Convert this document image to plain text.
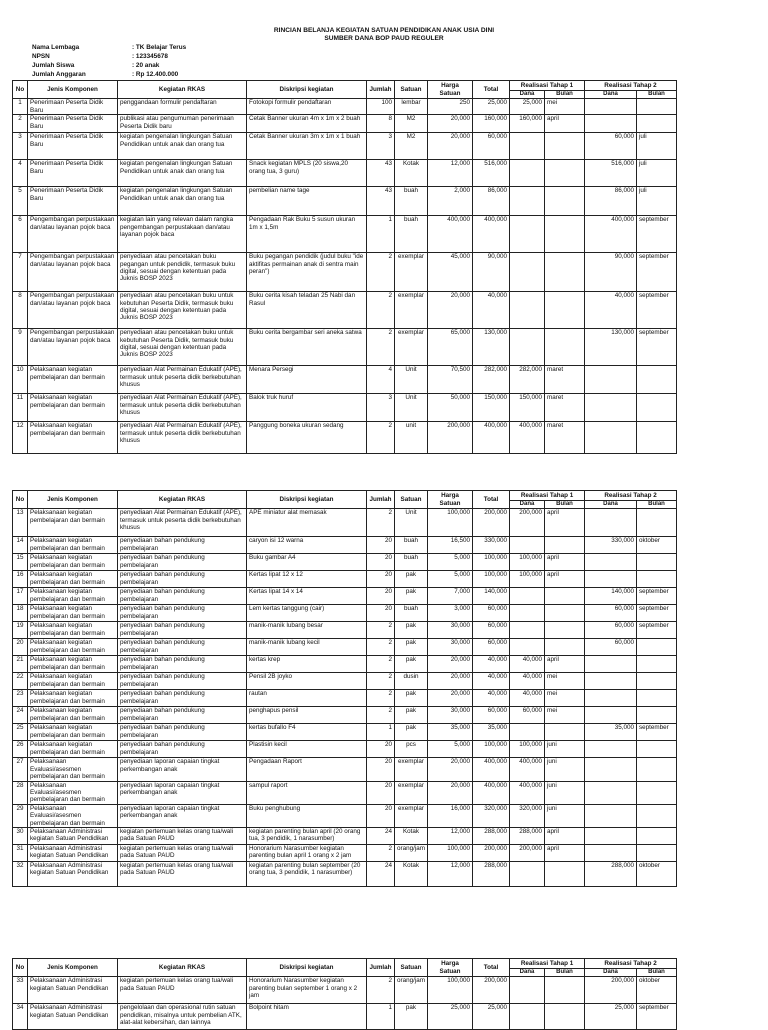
RINCIAN BELANJA KEGIATAN SATUAN PENDIDIKAN ANAK USIA DINI
SUMBER DANA BOP PAUD REGULER
Nama Lembaga	: TK Belajar Terus
NPSN	: 123345678
Jumlah Siswa	: 20 anak
Jumlah Anggaran	: Rp 12.400.000
No	Jenis Komponen	Kegiatan RKAS	Diskripsi kegiatan	Jumlah	Satuan	Harga Satuan	Total	Realisasi Tahap 1		Realisasi Tahap 2	
								Dana	Bulan	Dana	Bulan
1	Penerimaan Peserta Didik Baru	penggandaan formulir pendaftaran	Fotokopi formulir pendaftaran	100	lembar	250	25,000	25,000	mei		
2	Penerimaan Peserta Didik Baru	publikasi atau pengumuman penerimaan Peserta Didik baru	Cetak Banner ukuran 4m x 1m x 2 buah	8	M2	20,000	160,000	160,000	april		
3	Penerimaan Peserta Didik Baru	kegiatan pengenalan lingkungan Satuan Pendidikan untuk anak dan orang tua	Cetak Banner ukuran 3m x 1m x 1 buah	3	M2	20,000	60,000			60,000	juli
4	Penerimaan Peserta Didik Baru	kegiatan pengenalan lingkungan Satuan Pendidikan untuk anak dan orang tua	Snack kegiatan MPLS (20 siswa,20 orang tua, 3 guru)	43	Kotak	12,000	516,000			516,000	juli
5	Penerimaan Peserta Didik Baru	kegiatan pengenalan lingkungan Satuan Pendidikan untuk anak dan orang tua	pembelian name tage	43	buah	2,000	86,000			86,000	juli
6	Pengembangan perpustakaan dan/atau layanan pojok baca	kegiatan lain yang relevan dalam rangka pengembangan perpustakaan dan/atau layanan pojok baca	Pengadaan Rak Buku 5 susun ukuran 1m x 1,5m	1	buah	400,000	400,000			400,000	september
7	Pengembangan perpustakaan dan/atau layanan pojok baca	penyediaan atau pencetakan buku pegangan untuk pendidik, termasuk buku digital, sesuai dengan ketentuan pada Juknis BOSP 2023	Buku pegangan pendidik (judul buku "ide aktifitas permainan anak di sentra main peran")	2	exemplar	45,000	90,000			90,000	september
8	Pengembangan perpustakaan dan/atau layanan pojok baca	penyediaan atau pencetakan buku untuk kebutuhan Peserta Didik, termasuk buku digital, sesuai dengan ketentuan pada Juknis BOSP 2023	Buku cerita kisah teladan 25 Nabi dan Rasul	2	exemplar	20,000	40,000			40,000	september
9	Pengembangan perpustakaan dan/atau layanan pojok baca	penyediaan atau pencetakan buku untuk kebutuhan Peserta Didik, termasuk buku digital, sesuai dengan ketentuan pada Juknis BOSP 2023	Buku cerita bergambar seri aneka satwa	2	exemplar	65,000	130,000			130,000	september
10	Pelaksanaan kegiatan pembelajaran dan bermain	penyediaan Alat Permainan Edukatif (APE), termasuk untuk peserta didik berkebutuhan khusus	Menara Persegi	4	Unit	70,500	282,000	282,000	maret		
11	Pelaksanaan kegiatan pembelajaran dan bermain	penyediaan Alat Permainan Edukatif (APE), termasuk untuk peserta didik berkebutuhan khusus	Balok truk huruf	3	Unit	50,000	150,000	150,000	maret		
12	Pelaksanaan kegiatan pembelajaran dan bermain	penyediaan Alat Permainan Edukatif (APE), termasuk untuk peserta didik berkebutuhan khusus	Panggung boneka ukuran sedang	2	unit	200,000	400,000	400,000	maret		
No	Jenis Komponen	Kegiatan RKAS	Diskripsi kegiatan	Jumlah	Satuan	Harga Satuan	Total	Realisasi Tahap 1		Realisasi Tahap 2	
								Dana	Bulan	Dana	Bulan
13	Pelaksanaan kegiatan pembelajaran dan bermain	penyediaan Alat Permainan Edukatif (APE), termasuk untuk peserta didik berkebutuhan khusus	APE miniatur alat memasak	2	Unit	100,000	200,000	200,000	april		
14	Pelaksanaan kegiatan pembelajaran dan bermain	penyediaan bahan pendukung pembelajaran	caryon isi 12 warna	20	buah	16,500	330,000			330,000	oktober
15	Pelaksanaan kegiatan pembelajaran dan bermain	penyediaan bahan pendukung pembelajaran	Buku gambar A4	20	buah	5,000	100,000	100,000	april		
16	Pelaksanaan kegiatan pembelajaran dan bermain	penyediaan bahan pendukung pembelajaran	Kertas lipat 12 x 12	20	pak	5,000	100,000	100,000	april		
17	Pelaksanaan kegiatan pembelajaran dan bermain	penyediaan bahan pendukung pembelajaran	Kertas lipat 14 x 14	20	pak	7,000	140,000			140,000	september
18	Pelaksanaan kegiatan pembelajaran dan bermain	penyediaan bahan pendukung pembelajaran	Lem kertas tanggung (cair)	20	buah	3,000	60,000			60,000	september
19	Pelaksanaan kegiatan pembelajaran dan bermain	penyediaan bahan pendukung pembelajaran	manik-manik lubang besar	2	pak	30,000	60,000			60,000	september
20	Pelaksanaan kegiatan pembelajaran dan bermain	penyediaan bahan pendukung pembelajaran	manik-manik lubang kecil	2	pak	30,000	60,000			60,000	
21	Pelaksanaan kegiatan pembelajaran dan bermain	penyediaan bahan pendukung pembelajaran	kertas krep	2	pak	20,000	40,000	40,000	april		
22	Pelaksanaan kegiatan pembelajaran dan bermain	penyediaan bahan pendukung pembelajaran	Pensil 2B joyko	2	dusin	20,000	40,000	40,000	mei		
23	Pelaksanaan kegiatan pembelajaran dan bermain	penyediaan bahan pendukung pembelajaran	rautan	2	pak	20,000	40,000	40,000	mei		
24	Pelaksanaan kegiatan pembelajaran dan bermain	penyediaan bahan pendukung pembelajaran	penghapus pensil	2	pak	30,000	60,000	60,000	mei		
25	Pelaksanaan kegiatan pembelajaran dan bermain	penyediaan bahan pendukung pembelajaran	kertas bufallo F4	1	pak	35,000	35,000			35,000	september
26	Pelaksanaan kegiatan pembelajaran dan bermain	penyediaan bahan pendukung pembelajaran	Plastisin kecil	20	pcs	5,000	100,000	100,000	juni		
27	Pelaksanaan Evaluasi/asesmen pembelajaran dan bermain	penyediaan laporan capaian tingkat perkembangan anak	Pengadaan Raport	20	exemplar	20,000	400,000	400,000	juni		
28	Pelaksanaan Evaluasi/asesmen pembelajaran dan bermain	penyediaan laporan capaian tingkat perkembangan anak	sampul raport	20	exemplar	20,000	400,000	400,000	juni		
29	Pelaksanaan Evaluasi/asesmen pembelajaran dan bermain	penyediaan laporan capaian tingkat perkembangan anak	Buku penghubung	20	exemplar	16,000	320,000	320,000	juni		
30	Pelaksanaan Administrasi kegiatan Satuan Pendidikan	kegiatan pertemuan kelas orang tua/wali pada Satuan PAUD	kegiatan parenting bulan april (20 orang tua, 3 pendidik, 1 narasumber)	24	Kotak	12,000	288,000	288,000	april		
31	Pelaksanaan Administrasi kegiatan Satuan Pendidikan	kegiatan pertemuan kelas orang tua/wali pada Satuan PAUD	Honorarium Narasumber kegiatan parenting bulan april 1 orang x 2 jam	2	orang/jam	100,000	200,000	200,000	april		
32	Pelaksanaan Administrasi kegiatan Satuan Pendidikan	kegiatan pertemuan kelas orang tua/wali pada Satuan PAUD	kegiatan parenting bulan september (20 orang tua, 3 pendidik, 1 narasumber)	24	Kotak	12,000	288,000			288,000	oktober
No	Jenis Komponen	Kegiatan RKAS	Diskripsi kegiatan	Jumlah	Satuan	Harga Satuan	Total	Realisasi Tahap 1		Realisasi Tahap 2	
								Dana	Bulan	Dana	Bulan
33	Pelaksanaan Administrasi kegiatan Satuan Pendidikan	kegiatan pertemuan kelas orang tua/wali pada Satuan PAUD	Honorarium Narasumber kegiatan parenting bulan september 1 orang x 2 jam	2	orang/jam	100,000	200,000			200,000	oktober
34	Pelaksanaan Administrasi kegiatan Satuan Pendidikan	pengelolaan dan operasional rutin satuan pendidikan, misalnya untuk pembelian ATK, alat-alat kebersihan, dan lainnya	Bolpoint hitam	1	pak	25,000	25,000			25,000	september
